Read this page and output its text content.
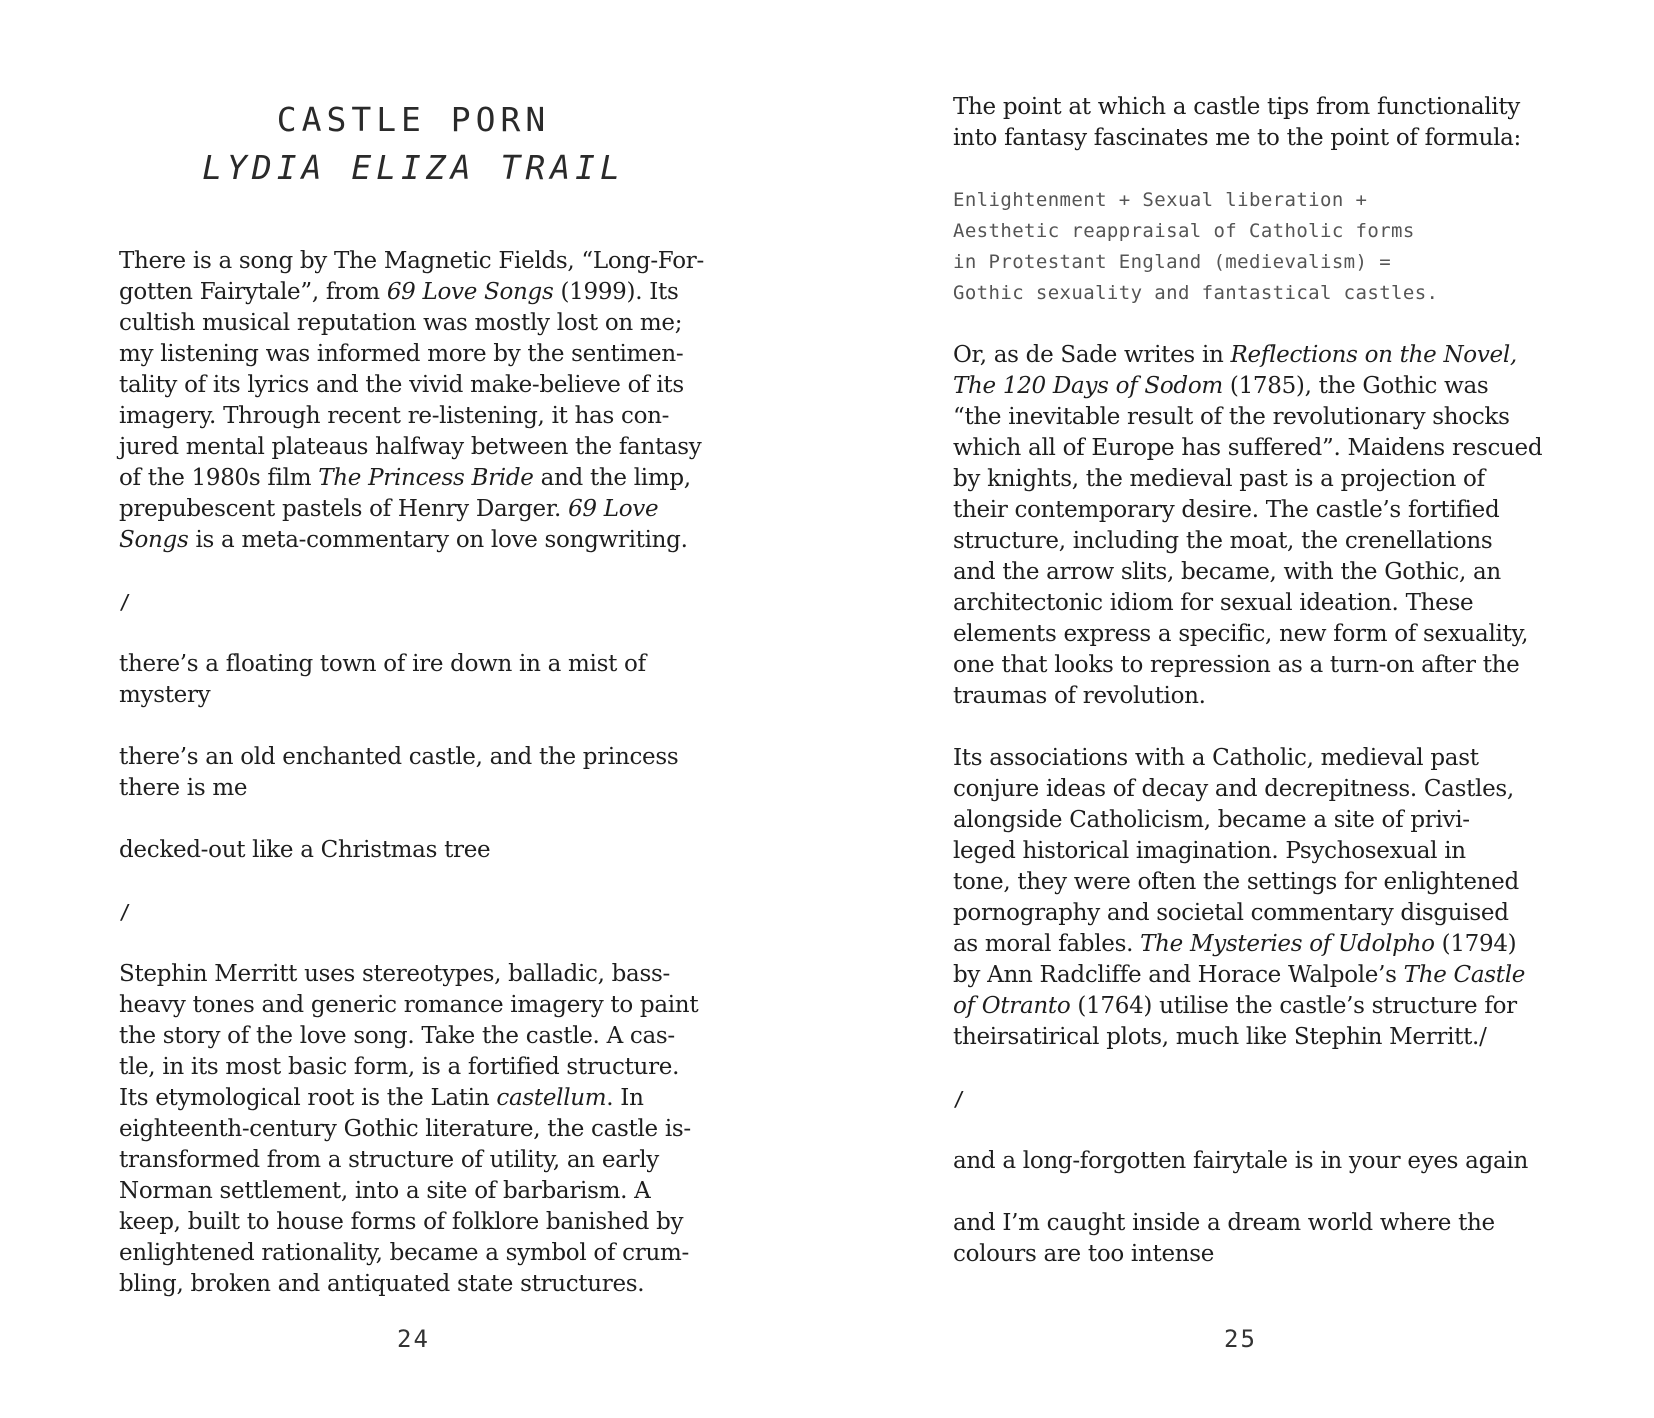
CASTLE PORN
LYDIA ELIZA TRAIL
There is a song by The Magnetic Fields, “Long-For-
gotten Fairytale”, from 69 Love Songs (1999). Its
cultish musical reputation was mostly lost on me;
my listening was informed more by the sentimen-
tality of its lyrics and the vivid make-believe of its
imagery. Through recent re-listening, it has con-
jured mental plateaus halfway between the fantasy
of the 1980s film The Princess Bride and the limp,
prepubescent pastels of Henry Darger. 69 Love
Songs is a meta-commentary on love songwriting.
/
there’s a floating town of ire down in a mist of
mystery
there’s an old enchanted castle, and the princess
there is me
decked-out like a Christmas tree
/
Stephin Merritt uses stereotypes, balladic, bass-
heavy tones and generic romance imagery to paint
the story of the love song. Take the castle. A cas-
tle, in its most basic form, is a fortified structure.
Its etymological root is the Latin castellum. In
eighteenth-century Gothic literature, the castle is-
transformed from a structure of utility, an early
Norman settlement, into a site of barbarism. A
keep, built to house forms of folklore banished by
enlightened rationality, became a symbol of crum-
bling, broken and antiquated state structures.
24
The point at which a castle tips from functionality
into fantasy fascinates me to the point of formula:
Enlightenment + Sexual liberation +
Aesthetic reappraisal of Catholic forms
in Protestant England (medievalism) =
Gothic sexuality and fantastical castles.
Or, as de Sade writes in Reflections on the Novel,
The 120 Days of Sodom (1785), the Gothic was
“the inevitable result of the revolutionary shocks
which all of Europe has suffered”. Maidens rescued
by knights, the medieval past is a projection of
their contemporary desire. The castle’s fortified
structure, including the moat, the crenellations
and the arrow slits, became, with the Gothic, an
architectonic idiom for sexual ideation. These
elements express a specific, new form of sexuality,
one that looks to repression as a turn-on after the
traumas of revolution.
Its associations with a Catholic, medieval past
conjure ideas of decay and decrepitness. Castles,
alongside Catholicism, became a site of privi-
leged historical imagination. Psychosexual in
tone, they were often the settings for enlightened
pornography and societal commentary disguised
as moral fables. The Mysteries of Udolpho (1794)
by Ann Radcliffe and Horace Walpole’s The Castle
of Otranto (1764) utilise the castle’s structure for
theirsatirical plots, much like Stephin Merritt./
/
and a long-forgotten fairytale is in your eyes again
and I’m caught inside a dream world where the
colours are too intense
25
